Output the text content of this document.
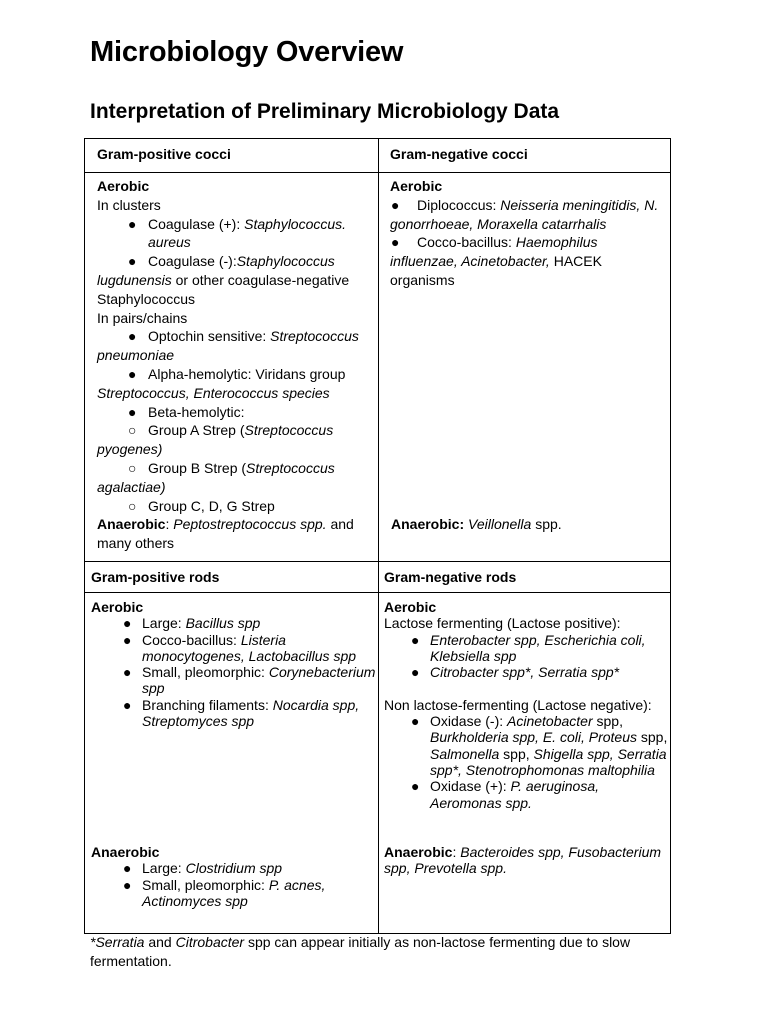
Microbiology Overview
Interpretation of Preliminary Microbiology Data
Gram-positive cocci	Gram-negative cocci
Aerobic
In clusters
● Coagulase (+): Staphylococcus. aureus
● Coagulase (-):Staphylococcus
lugdunensis or other coagulase-negative
Staphylococcus
In pairs/chains
● Optochin sensitive: Streptococcus
pneumoniae
● Alpha-hemolytic: Viridans group
Streptococcus, Enterococcus species
● Beta-hemolytic:
○ Group A Strep (Streptococcus
pyogenes)
○ Group B Strep (Streptococcus
agalactiae)
○ Group C, D, G Strep
Anaerobic: Peptostreptococcus spp. and
many others
Aerobic
● Diplococcus: Neisseria meningitidis, N.
gonorrhoeae, Moraxella catarrhalis
● Cocco-bacillus: Haemophilus
influenzae, Acinetobacter, HACEK
organisms
Anaerobic: Veillonella spp.
Gram-positive rods	Gram-negative rods
Aerobic
● Large: Bacillus spp
● Cocco-bacillus: Listeria
monocytogenes, Lactobacillus spp
● Small, pleomorphic: Corynebacterium
spp
● Branching filaments: Nocardia spp,
Streptomyces spp
Anaerobic
● Large: Clostridium spp
● Small, pleomorphic: P. acnes,
Actinomyces spp
Aerobic
Lactose fermenting (Lactose positive):
● Enterobacter spp, Escherichia coli,
Klebsiella spp
● Citrobacter spp*, Serratia spp*
Non lactose-fermenting (Lactose negative):
● Oxidase (-): Acinetobacter spp,
Burkholderia spp, E. coli, Proteus spp,
Salmonella spp, Shigella spp, Serratia
spp*, Stenotrophomonas maltophilia
● Oxidase (+): P. aeruginosa,
Aeromonas spp.
Anaerobic: Bacteroides spp, Fusobacterium
spp, Prevotella spp.
*Serratia and Citrobacter spp can appear initially as non-lactose fermenting due to slow
fermentation.
